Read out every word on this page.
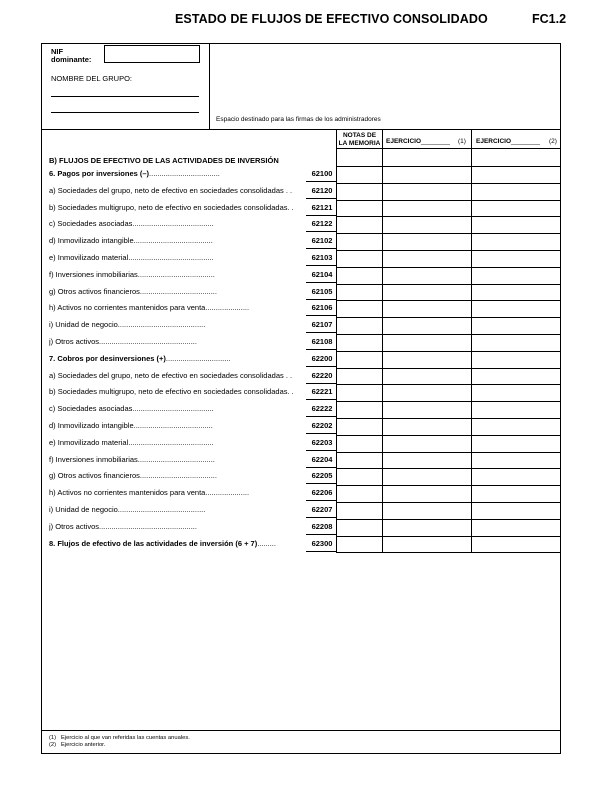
ESTADO DE FLUJOS DE EFECTIVO CONSOLIDADO	FC1.2
NIF
dominante:
NOMBRE DEL GRUPO:
Espacio destinado para las firmas de los administradores
NOTAS DE
LA MEMORIA EJERCICIO________ (1) EJERCICIO________ (2)
B) FLUJOS DE EFECTIVO DE LAS ACTIVIDADES DE INVERSIÓN
6. Pagos por inversiones (–)..................................	62100
a) Sociedades del grupo, neto de efectivo en sociedades consolidadas . .	62120
b) Sociedades multigrupo, neto de efectivo en sociedades consolidadas. .	62121
c) Sociedades asociadas.......................................	62122
d) Inmovilizado intangible......................................	62102
e) Inmovilizado material.........................................	62103
f) Inversiones inmobiliarias.....................................	62104
g) Otros activos financieros.....................................	62105
h) Activos no corrientes mantenidos para venta.....................	62106
i) Unidad de negocio..........................................	62107
j) Otros activos...............................................	62108
7. Cobros por desinversiones (+)...............................	62200
a) Sociedades del grupo, neto de efectivo en sociedades consolidadas . .	62220
b) Sociedades multigrupo, neto de efectivo en sociedades consolidadas. .	62221
c) Sociedades asociadas.......................................	62222
d) Inmovilizado intangible......................................	62202
e) Inmovilizado material.........................................	62203
f) Inversiones inmobiliarias.....................................	62204
g) Otros activos financieros.....................................	62205
h) Activos no corrientes mantenidos para venta.....................	62206
i) Unidad de negocio..........................................	62207
j) Otros activos...............................................	62208
8. Flujos de efectivo de las actividades de inversión (6 + 7).........	62300
(1) Ejercicio al que van referidas las cuentas anuales.
(2) Ejercicio anterior.
